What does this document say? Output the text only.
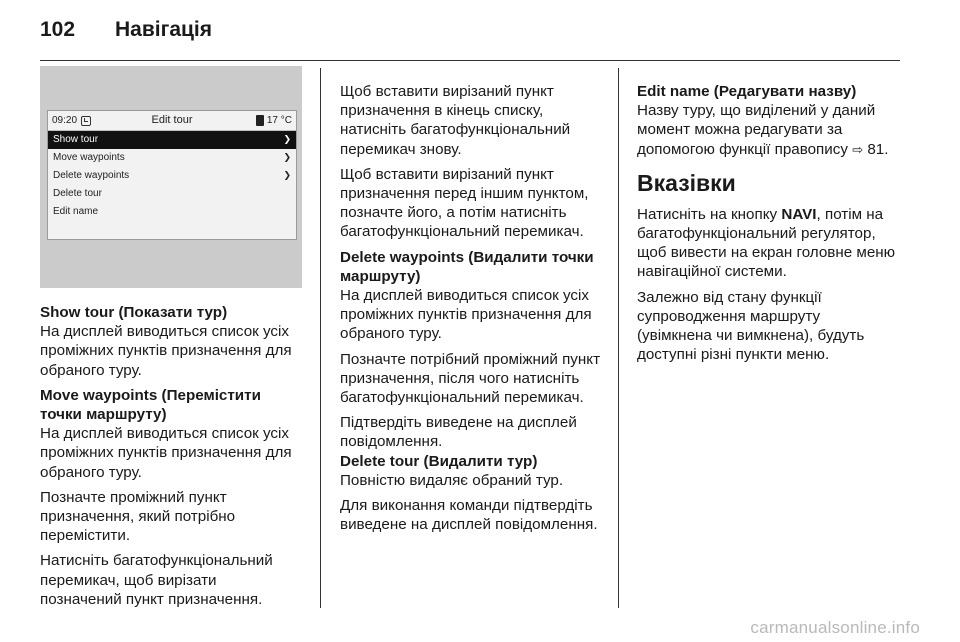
102	Навігація
09:20	Edit tour	17 °C
Show tour	❯
Move waypoints	❯
Delete waypoints	❯
Delete tour
Edit name

Show tour (Показати тур)

На дисплей виводиться список усіх проміжних пунктів призначення для обраного туру.

Move waypoints (Перемістити точки маршруту)

На дисплей виводиться список усіх проміжних пунктів призначення для обраного туру.

Позначте проміжний пункт призначення, який потрібно перемістити.

Натисніть багатофункціональний перемикач, щоб вирізати позначений пункт призначення.

Щоб вставити вирізаний пункт призначення в кінець списку, натисніть багатофункціональний перемикач знову.

Щоб вставити вирізаний пункт призначення перед іншим пунктом, позначте його, а потім натисніть багатофункціональний перемикач.

Delete waypoints (Видалити точки маршруту)

На дисплей виводиться список усіх проміжних пунктів призначення для обраного туру.

Позначте потрібний проміжний пункт призначення, після чого натисніть багатофункціональний перемикач.

Підтвердіть виведене на дисплей повідомлення.

Delete tour (Видалити тур)

Повністю видаляє обраний тур.

Для виконання команди підтвердіть виведене на дисплей повідомлення.

Edit name (Редагувати назву)

Назву туру, що виділений у даний момент можна редагувати за допомогою функції правопису ⇨ 81.

Вказівки

Натисніть на кнопку NAVI, потім на багатофункціональний регулятор, щоб вивести на екран головне меню навігаційної системи.

Залежно від стану функції супроводження маршруту (увімкнена чи вимкнена), будуть доступні різні пункти меню.

carmanualsonline.info
